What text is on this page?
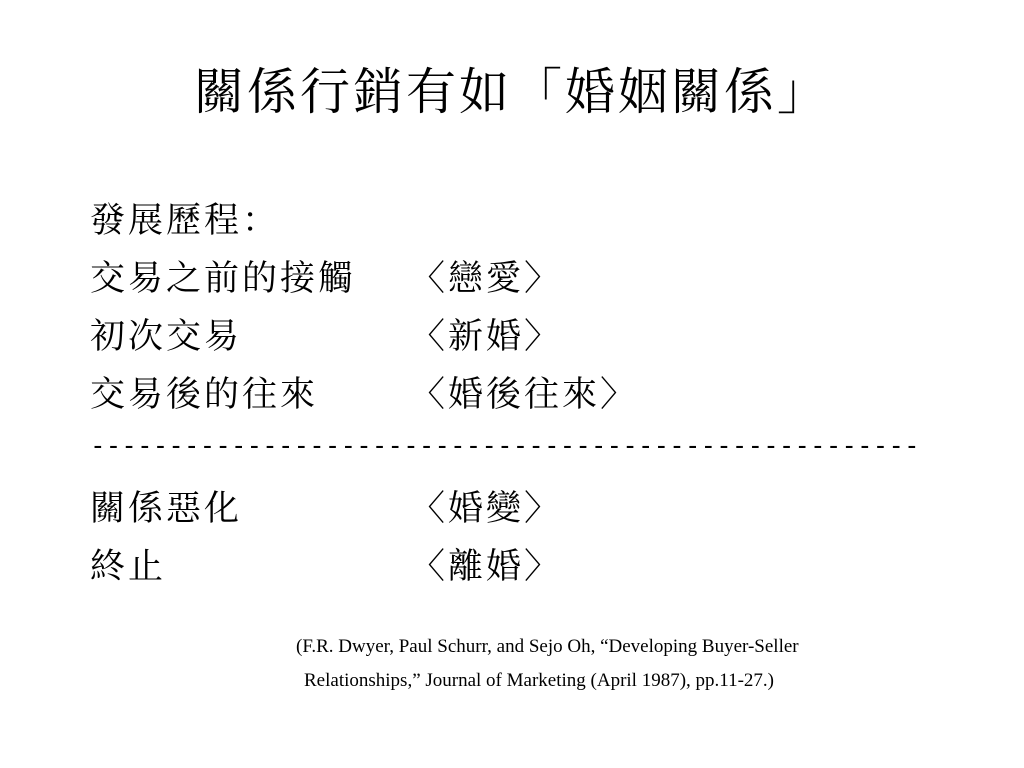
關係行銷有如「婚姻關係」
發展歷程：
交易之前的接觸 〈戀愛〉
初次交易	〈新婚〉
交易後的往來	〈婚後往來〉
-----------------------------------------------------
關係惡化	〈婚變〉
終止	〈離婚〉
(F.R. Dwyer, Paul Schurr, and Sejo Oh, “Developing Buyer-Seller
Relationships,” Journal of Marketing (April 1987), pp.11-27.)
